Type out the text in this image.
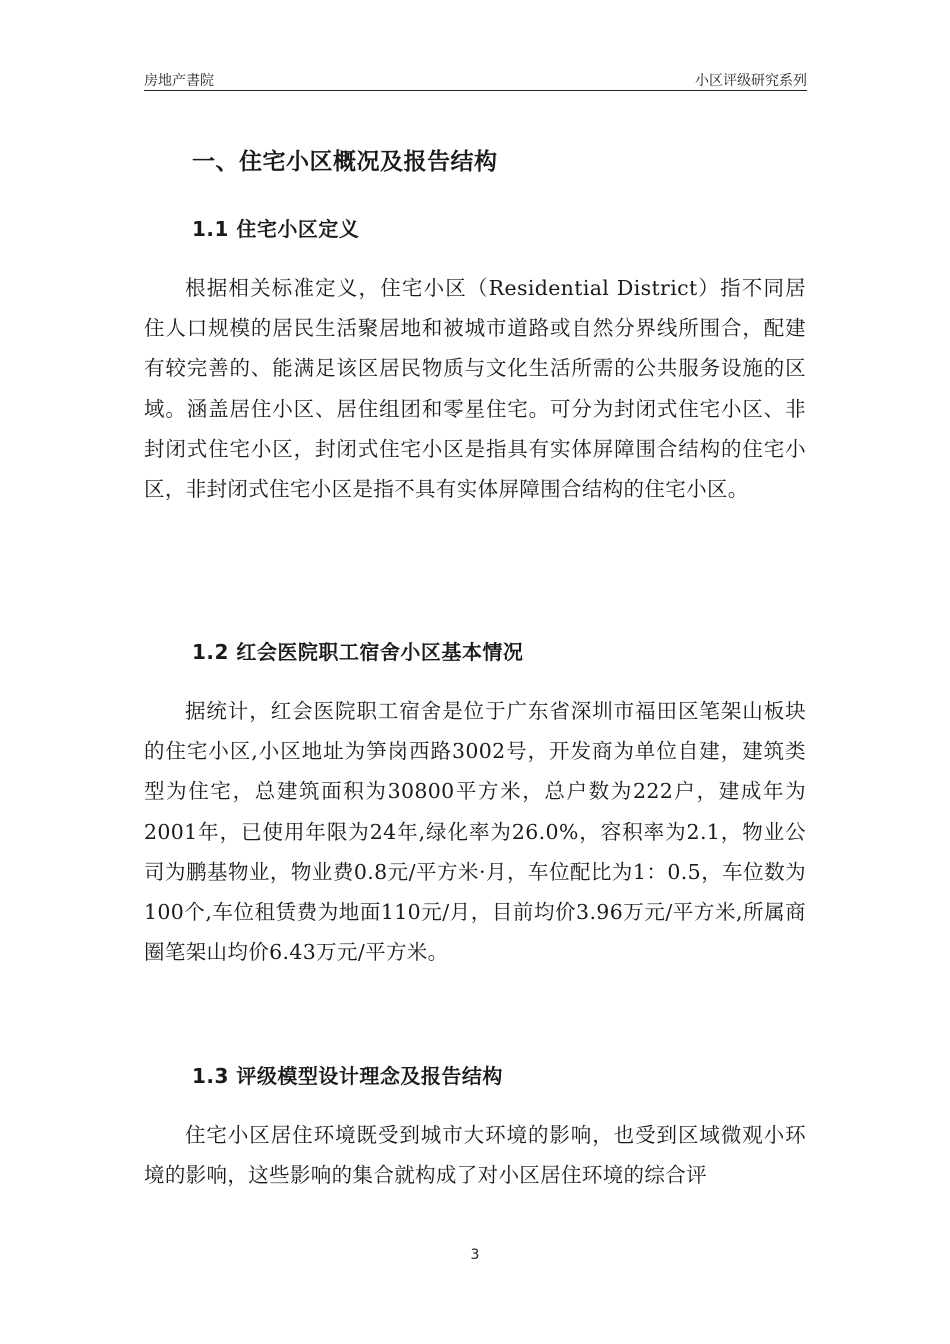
房地产書院	小区评级研究系列
一、住宅小区概况及报告结构
1.1 住宅小区定义

根据相关标准定义，住宅小区（Residential District）指不同居住人口规模的居民生活聚居地和被城市道路或自然分界线所围合，配建有较完善的、能满足该区居民物质与文化生活所需的公共服务设施的区域。涵盖居住小区、居住组团和零星住宅。可分为封闭式住宅小区、非封闭式住宅小区，封闭式住宅小区是指具有实体屏障围合结构的住宅小区，非封闭式住宅小区是指不具有实体屏障围合结构的住宅小区。

1.2 红会医院职工宿舍小区基本情况

据统计，红会医院职工宿舍是位于广东省深圳市福田区笔架山板块的住宅小区,小区地址为笋岗西路3002号，开发商为单位自建，建筑类型为住宅，总建筑面积为30800平方米，总户数为222户，建成年为2001年，已使用年限为24年,绿化率为26.0%，容积率为2.1，物业公司为鹏基物业，物业费0.8元/平方米·月，车位配比为1：0.5，车位数为100个,车位租赁费为地面110元/月，目前均价3.96万元/平方米,所属商圈笔架山均价6.43万元/平方米。

1.3 评级模型设计理念及报告结构

住宅小区居住环境既受到城市大环境的影响，也受到区域微观小环境的影响，这些影响的集合就构成了对小区居住环境的综合评

3
